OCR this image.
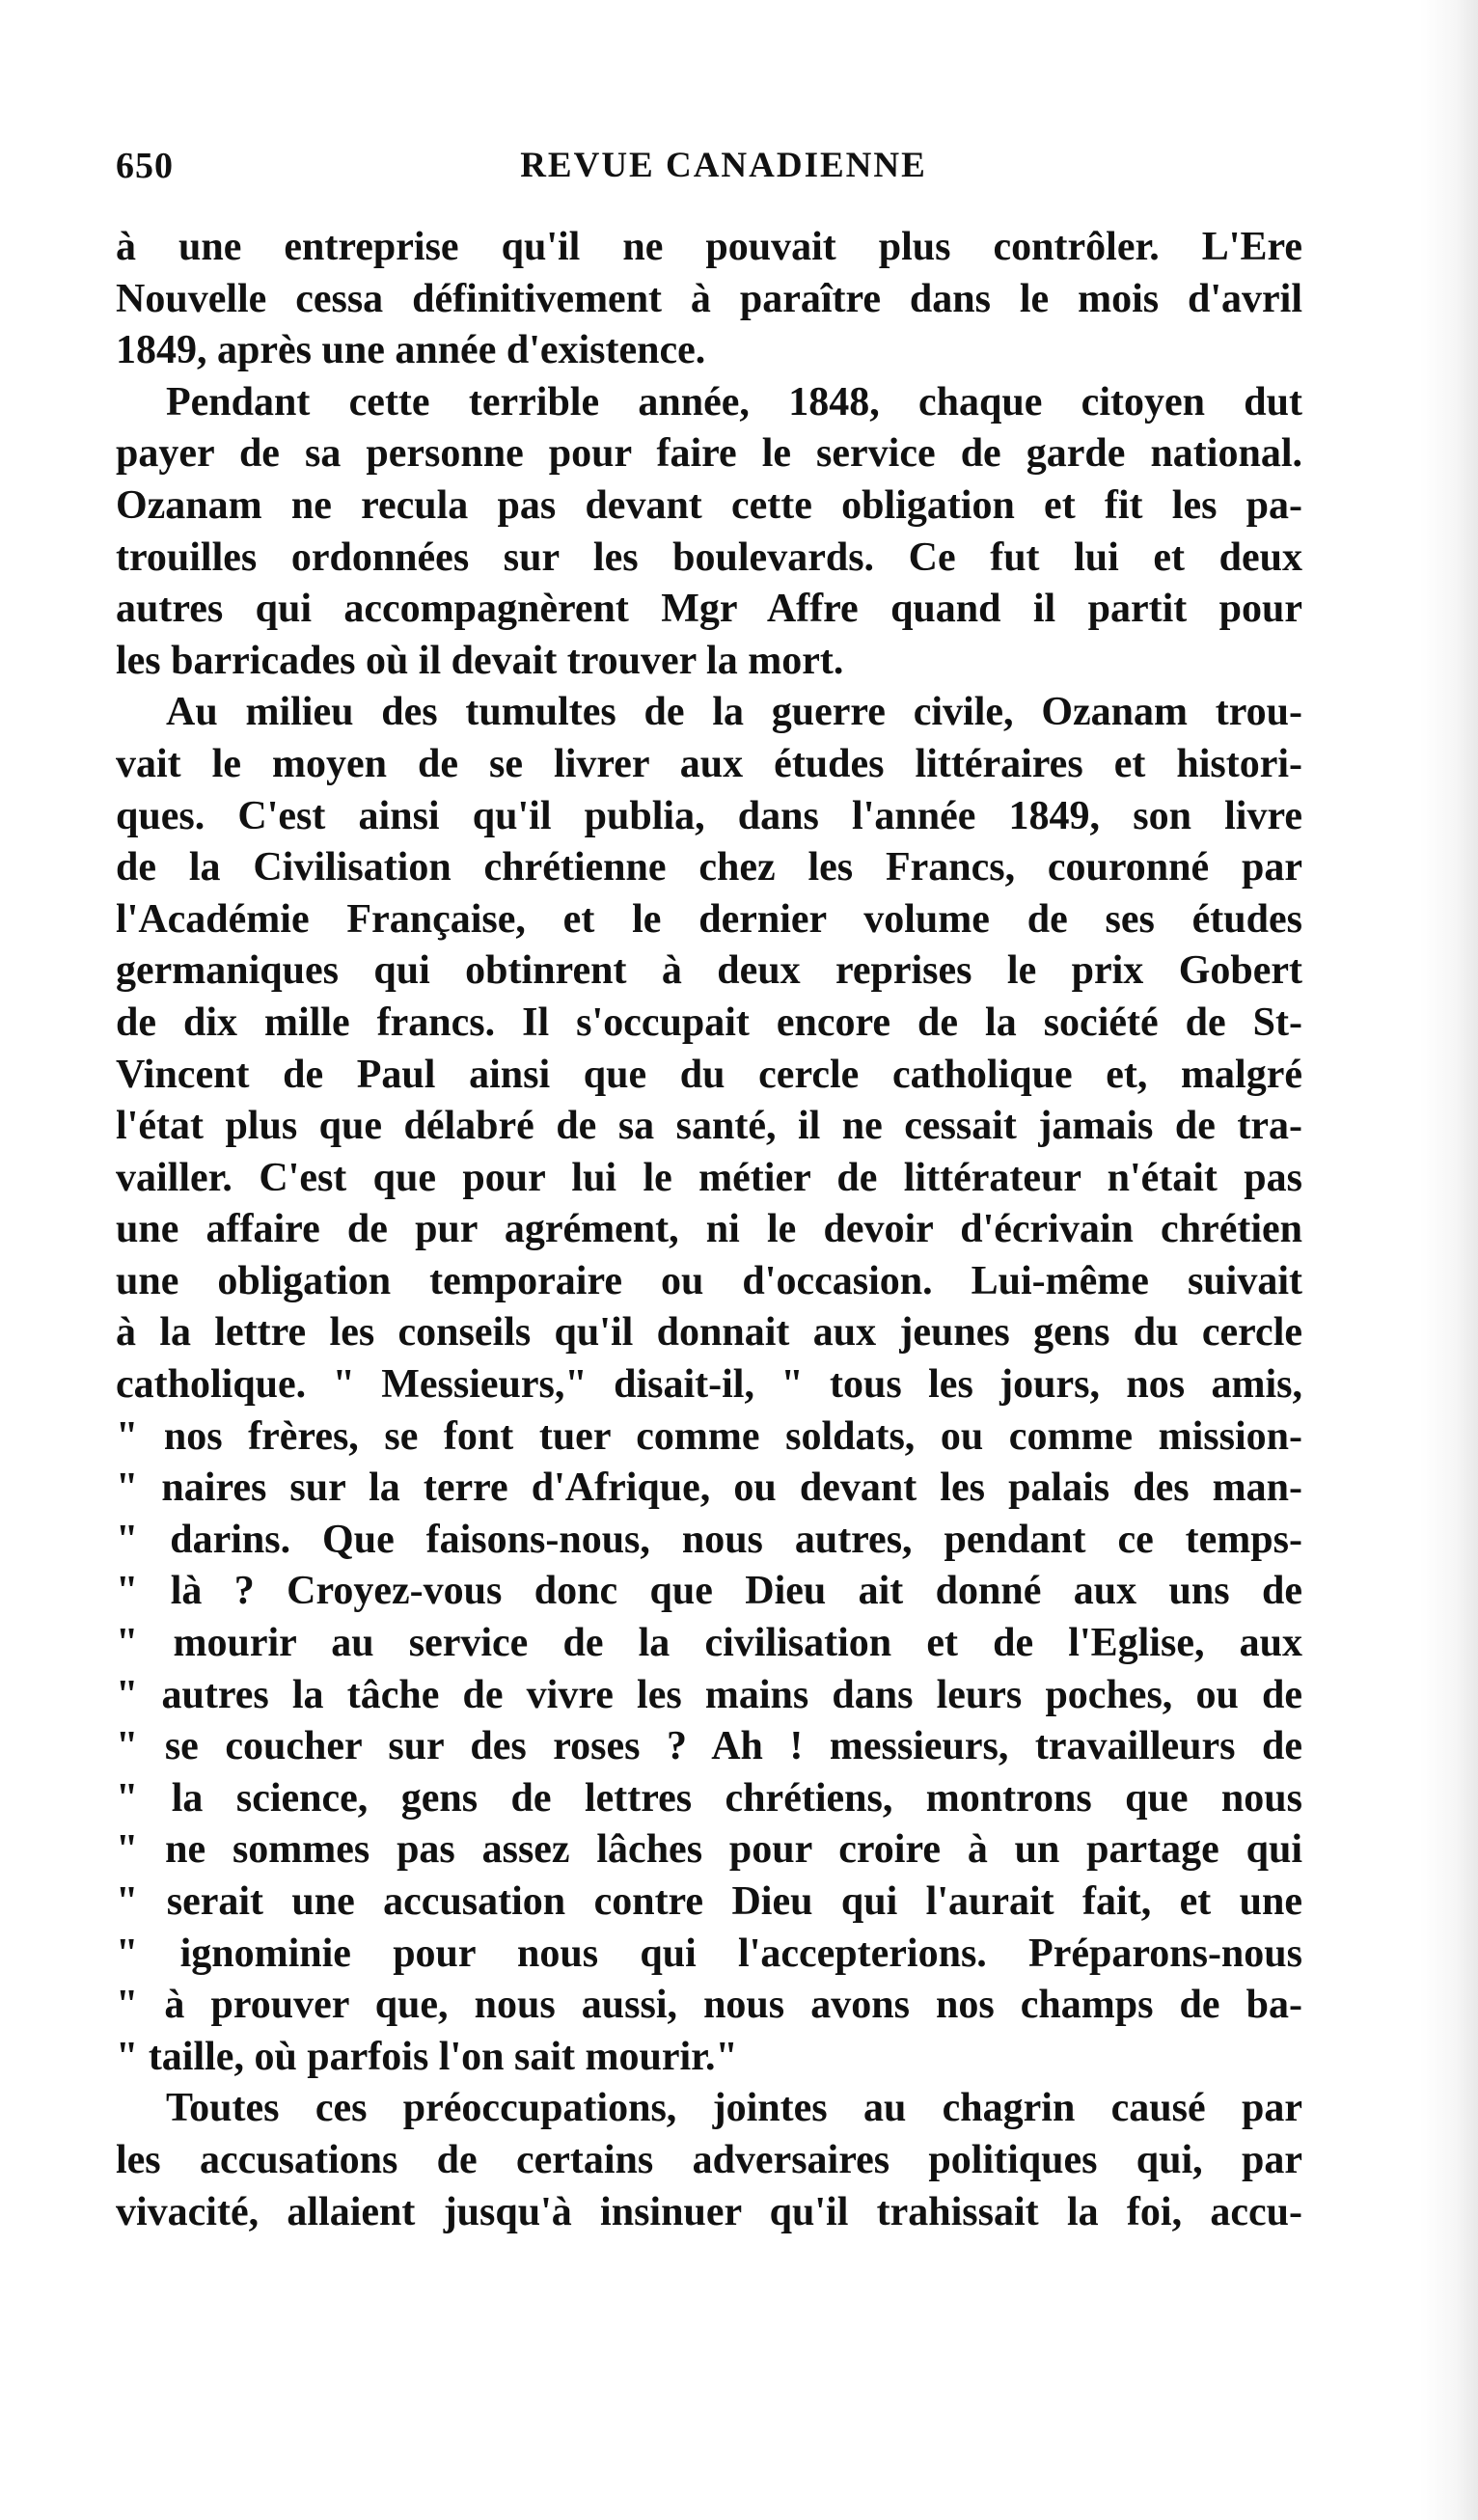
650	REVUE CANADIENNE

à une entreprise qu'il ne pouvait plus contrôler. L'Ere
Nouvelle cessa définitivement à paraître dans le mois d'avril
1849, après une année d'existence.

Pendant cette terrible année, 1848, chaque citoyen dut
payer de sa personne pour faire le service de garde national.
Ozanam ne recula pas devant cette obligation et fit les pa-
trouilles ordonnées sur les boulevards. Ce fut lui et deux
autres qui accompagnèrent Mgr Affre quand il partit pour
les barricades où il devait trouver la mort.

Au milieu des tumultes de la guerre civile, Ozanam trou-
vait le moyen de se livrer aux études littéraires et histori-
ques. C'est ainsi qu'il publia, dans l'année 1849, son livre
de la Civilisation chrétienne chez les Francs, couronné par
l'Académie Française, et le dernier volume de ses études
germaniques qui obtinrent à deux reprises le prix Gobert
de dix mille francs. Il s'occupait encore de la société de St-
Vincent de Paul ainsi que du cercle catholique et, malgré
l'état plus que délabré de sa santé, il ne cessait jamais de tra-
vailler. C'est que pour lui le métier de littérateur n'était pas
une affaire de pur agrément, ni le devoir d'écrivain chrétien
une obligation temporaire ou d'occasion. Lui-même suivait
à la lettre les conseils qu'il donnait aux jeunes gens du cercle
catholique. " Messieurs," disait-il, " tous les jours, nos amis,
" nos frères, se font tuer comme soldats, ou comme mission-
" naires sur la terre d'Afrique, ou devant les palais des man-
" darins. Que faisons-nous, nous autres, pendant ce temps-
" là ? Croyez-vous donc que Dieu ait donné aux uns de
" mourir au service de la civilisation et de l'Eglise, aux
" autres la tâche de vivre les mains dans leurs poches, ou de
" se coucher sur des roses ? Ah ! messieurs, travailleurs de
" la science, gens de lettres chrétiens, montrons que nous
" ne sommes pas assez lâches pour croire à un partage qui
" serait une accusation contre Dieu qui l'aurait fait, et une
" ignominie pour nous qui l'accepterions. Préparons-nous
" à prouver que, nous aussi, nous avons nos champs de ba-
" taille, où parfois l'on sait mourir."

Toutes ces préoccupations, jointes au chagrin causé par
les accusations de certains adversaires politiques qui, par
vivacité, allaient jusqu'à insinuer qu'il trahissait la foi, accu-
